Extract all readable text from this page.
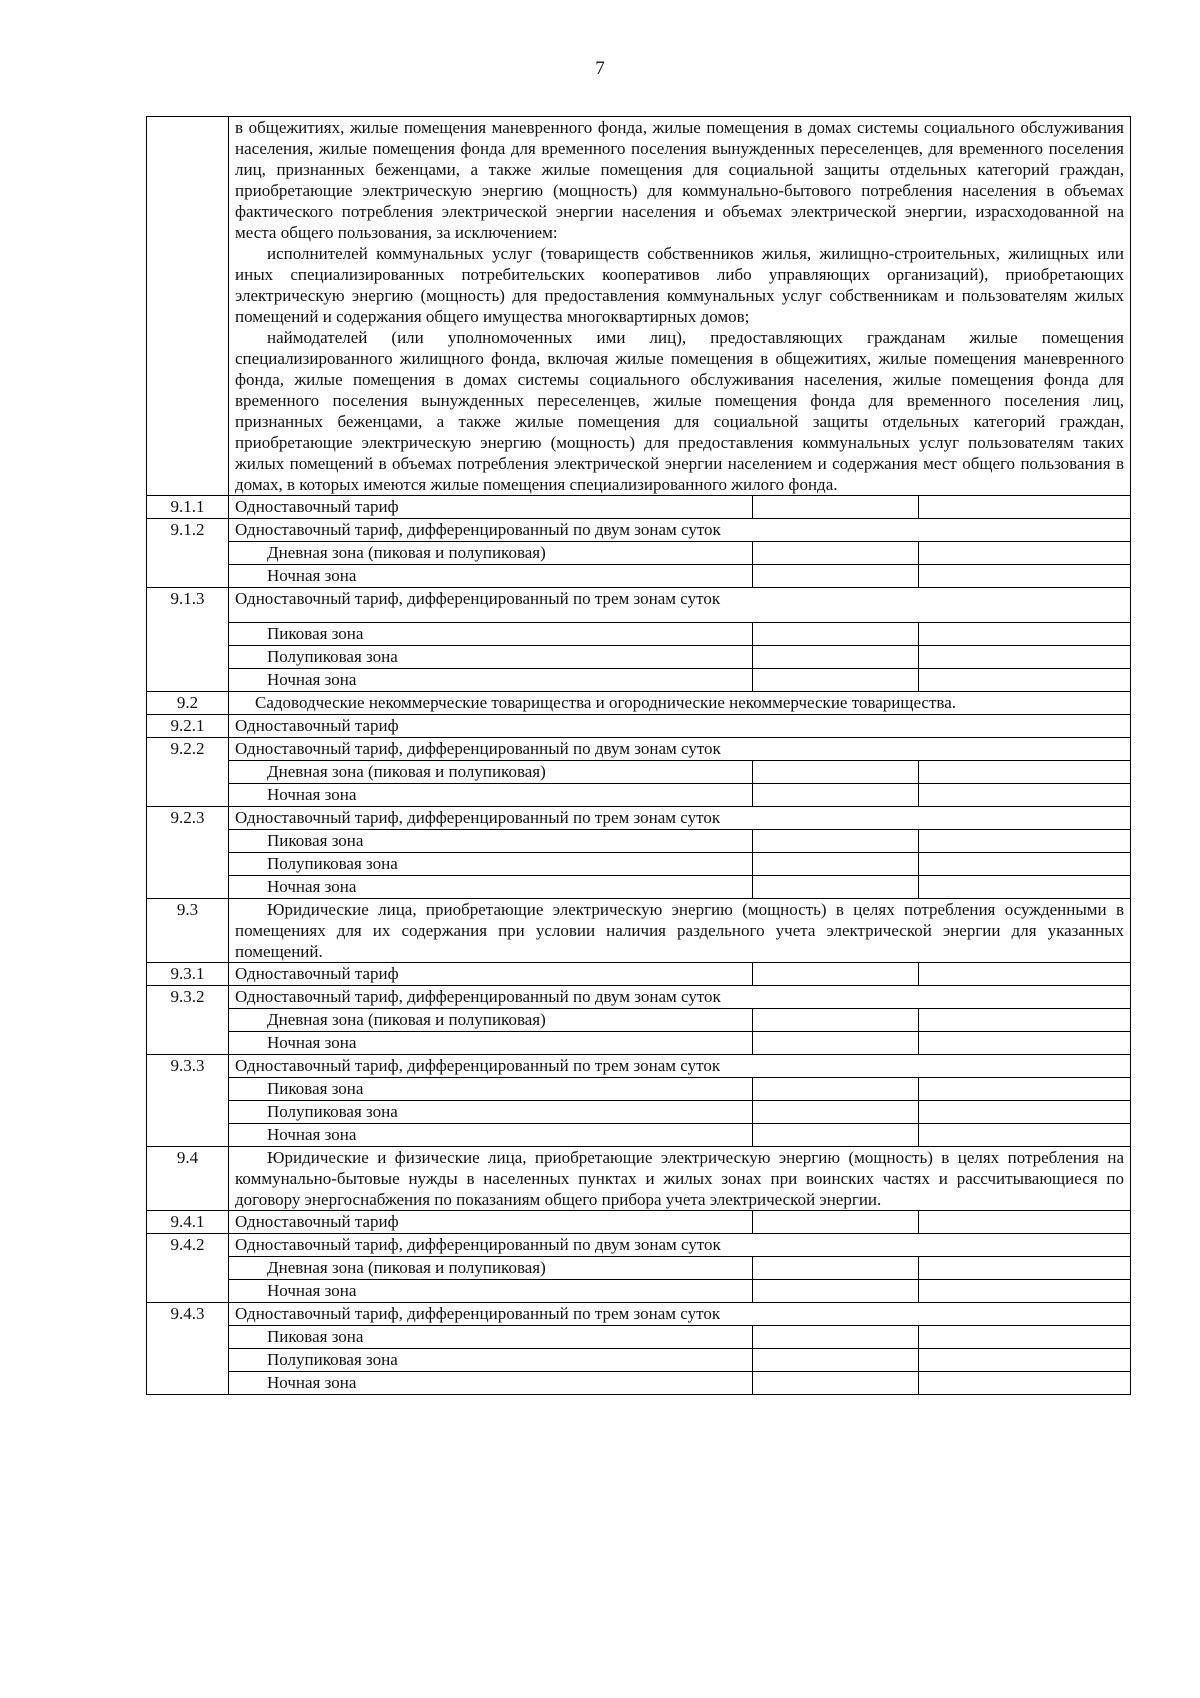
7

	в общежитиях, жилые помещения маневренного фонда, жилые помещения в домах системы социального обслуживания населения, жилые помещения фонда для временного поселения вынужденных переселенцев, для временного поселения лиц, признанных беженцами, а также жилые помещения для социальной защиты отдельных категорий граждан, приобретающие электрическую энергию (мощность) для коммунально-бытового потребления населения в объемах фактического потребления электрической энергии населения и объемах электрической энергии, израсходованной на места общего пользования, за исключением:

исполнителей коммунальных услуг (товариществ собственников жилья, жилищно-строительных, жилищных или иных специализированных потребительских кооперативов либо управляющих организаций), приобретающих электрическую энергию (мощность) для предоставления коммунальных услуг собственникам и пользователям жилых помещений и содержания общего имущества многоквартирных домов;

наймодателей (или уполномоченных ими лиц), предоставляющих гражданам жилые помещения специализированного жилищного фонда, включая жилые помещения в общежитиях, жилые помещения маневренного фонда, жилые помещения в домах системы социального обслуживания населения, жилые помещения фонда для временного поселения вынужденных переселенцев, жилые помещения фонда для временного поселения лиц, признанных беженцами, а также жилые помещения для социальной защиты отдельных категорий граждан, приобретающие электрическую энергию (мощность) для предоставления коммунальных услуг пользователям таких жилых помещений в объемах потребления электрической энергии населением и содержания мест общего пользования в домах, в которых имеются жилые помещения специализированного жилого фонда.		

9.1.1	Одноставочный тариф		
9.1.2	Одноставочный тариф, дифференцированный по двум зонам суток		
	Дневная зона (пиковая и полупиковая)		
	Ночная зона		
9.1.3	Одноставочный тариф, дифференцированный по трем зонам суток		
	Пиковая зона		
	Полупиковая зона		
	Ночная зона		
9.2	Садоводческие некоммерческие товарищества и огороднические некоммерческие товарищества.		
9.2.1	Одноставочный тариф		
9.2.2	Одноставочный тариф, дифференцированный по двум зонам суток		
	Дневная зона (пиковая и полупиковая)		
	Ночная зона		
9.2.3	Одноставочный тариф, дифференцированный по трем зонам суток		
	Пиковая зона		
	Полупиковая зона		
	Ночная зона		
9.3	Юридические лица, приобретающие электрическую энергию (мощность) в целях потребления осужденными в помещениях для их содержания при условии наличия раздельного учета электрической энергии для указанных помещений.		

9.3.1	Одноставочный тариф		
9.3.2	Одноставочный тариф, дифференцированный по двум зонам суток		
	Дневная зона (пиковая и полупиковая)		
	Ночная зона		
9.3.3	Одноставочный тариф, дифференцированный по трем зонам суток		
	Пиковая зона		
	Полупиковая зона		
	Ночная зона		
9.4	Юридические и физические лица, приобретающие электрическую энергию (мощность) в целях потребления на коммунально-бытовые нужды в населенных пунктах и жилых зонах при воинских частях и рассчитывающиеся по договору энергоснабжения по показаниям общего прибора учета электрической энергии.		

9.4.1	Одноставочный тариф		
9.4.2	Одноставочный тариф, дифференцированный по двум зонам суток		
	Дневная зона (пиковая и полупиковая)		
	Ночная зона		
9.4.3	Одноставочный тариф, дифференцированный по трем зонам суток		
	Пиковая зона		
	Полупиковая зона		
	Ночная зона		
